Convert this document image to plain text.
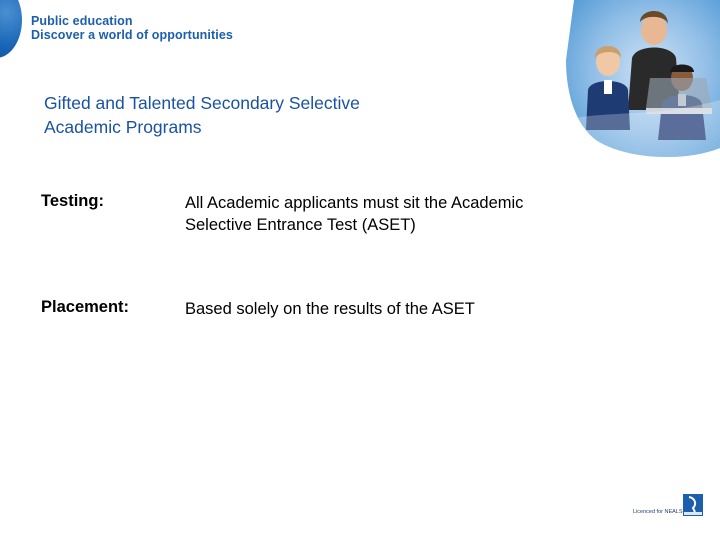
Public education
Discover a world of opportunities
Gifted and Talented Secondary Selective
Academic Programs
Testing:	All Academic applicants must sit the Academic
Selective Entrance Test (ASET)
Placement:	Based solely on the results of the ASET
Licenced for NEALS
